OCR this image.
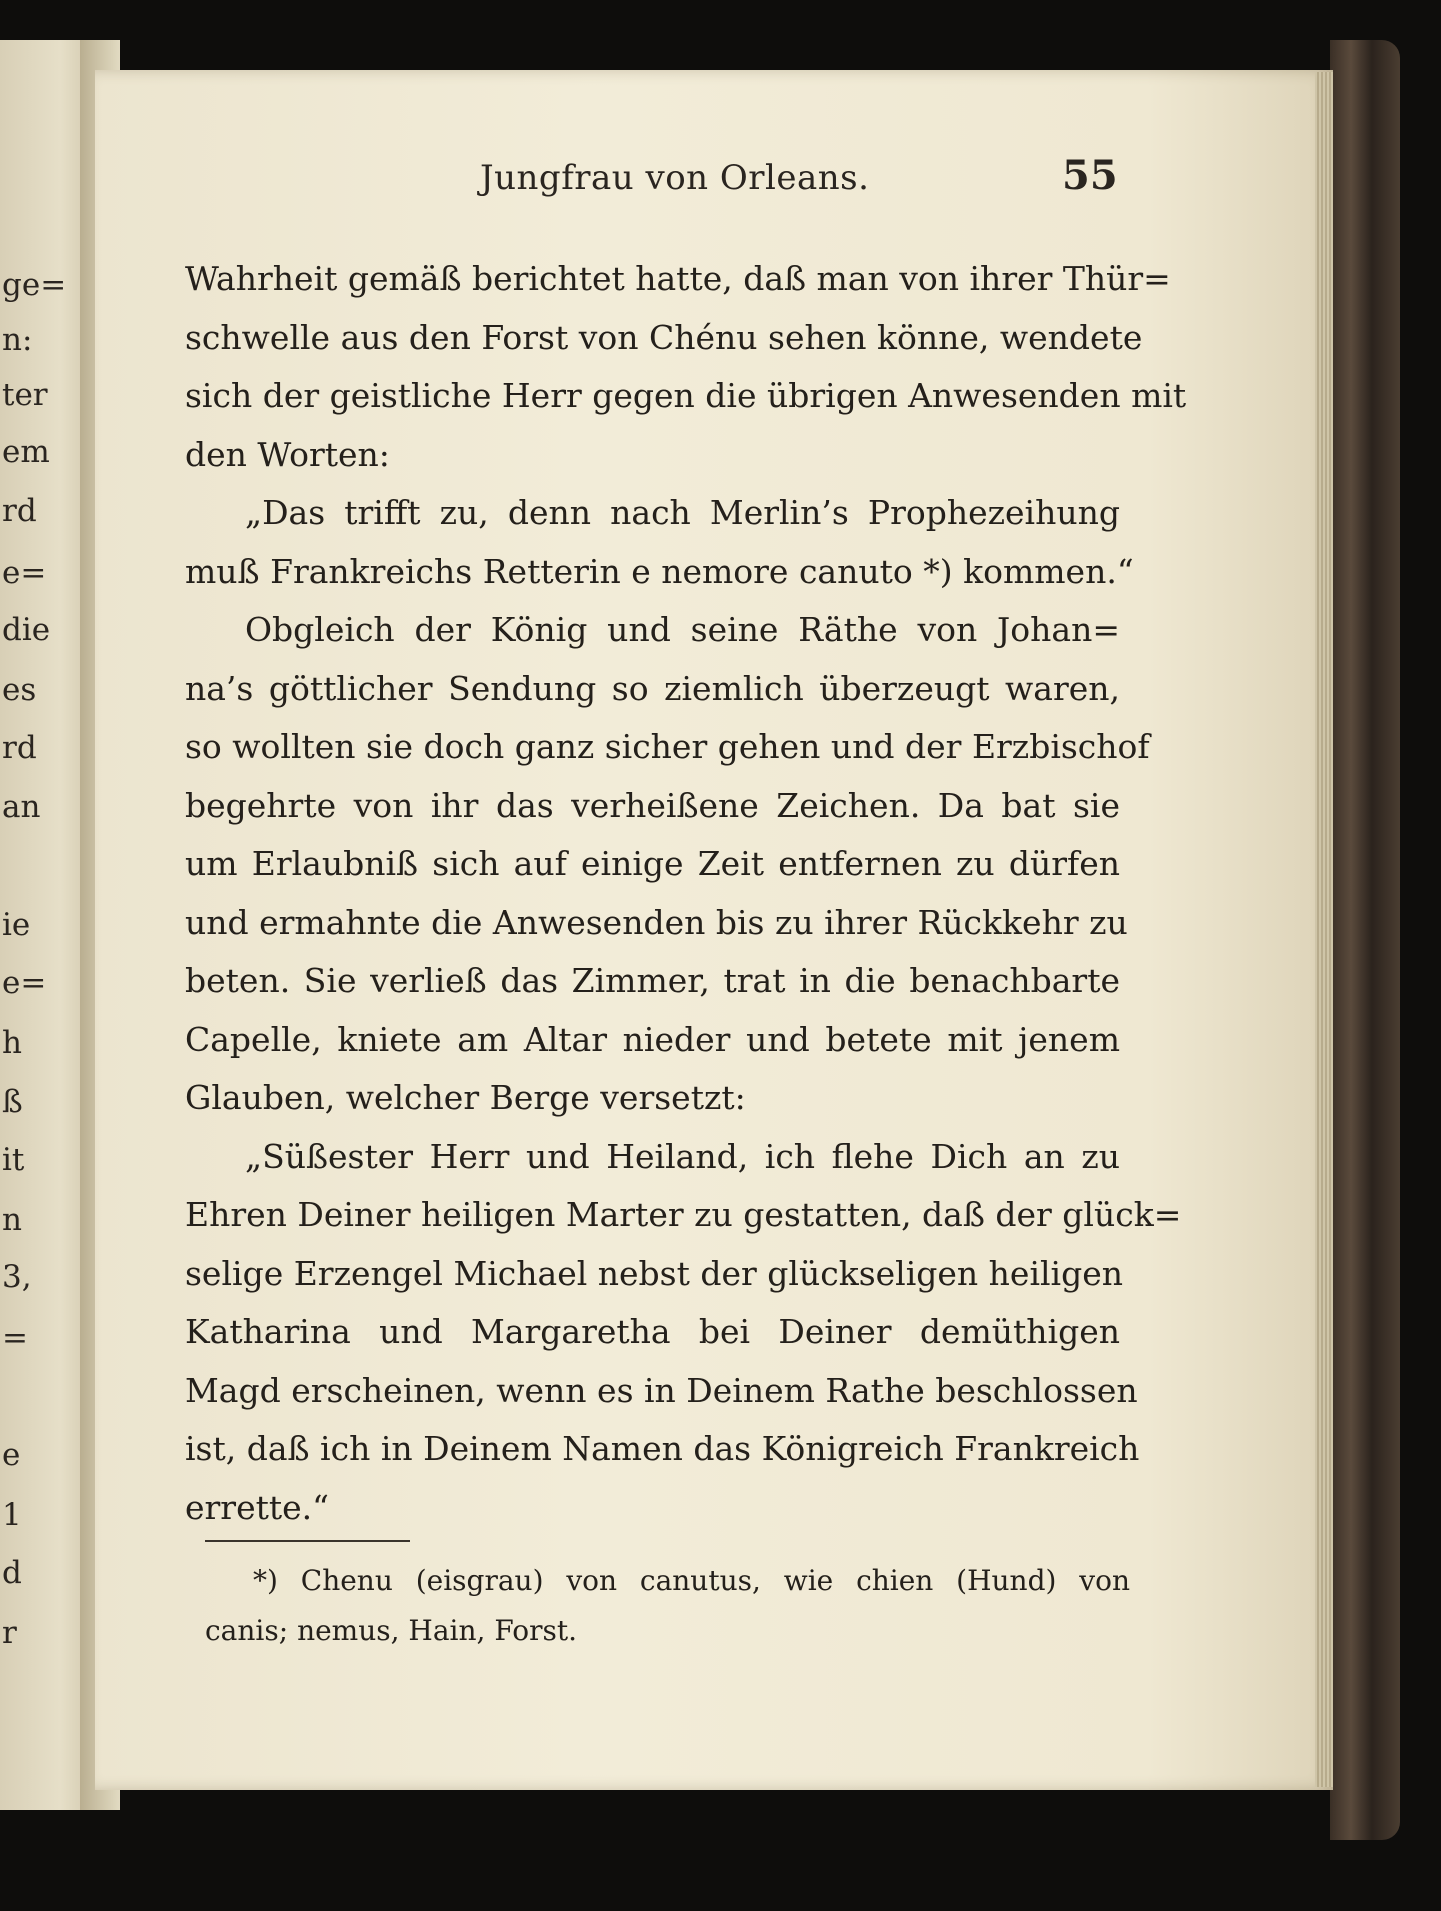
ge=
n:
ter
em
rd
e=
die
es
rd
an
ie
e=
h
ß
it
n
3,
=
e
1
d
r
Jungfrau von Orleans.	55
Wahrheit gemäß berichtet hatte, daß man von ihrer Thür=
schwelle aus den Forst von Chénu sehen könne, wendete
sich der geistliche Herr gegen die übrigen Anwesenden mit
den Worten:
„Das trifft zu, denn nach Merlin’s Prophezeihung
muß Frankreichs Retterin e nemore canuto *) kommen.“
Obgleich der König und seine Räthe von Johan=
na’s göttlicher Sendung so ziemlich überzeugt waren,
so wollten sie doch ganz sicher gehen und der Erzbischof
begehrte von ihr das verheißene Zeichen. Da bat sie
um Erlaubniß sich auf einige Zeit entfernen zu dürfen
und ermahnte die Anwesenden bis zu ihrer Rückkehr zu
beten. Sie verließ das Zimmer, trat in die benachbarte
Capelle, kniete am Altar nieder und betete mit jenem
Glauben, welcher Berge versetzt:
„Süßester Herr und Heiland, ich flehe Dich an zu
Ehren Deiner heiligen Marter zu gestatten, daß der glück=
selige Erzengel Michael nebst der glückseligen heiligen
Katharina und Margaretha bei Deiner demüthigen
Magd erscheinen, wenn es in Deinem Rathe beschlossen
ist, daß ich in Deinem Namen das Königreich Frankreich
errette.“
*) Chenu (eisgrau) von canutus, wie chien (Hund) von
canis; nemus, Hain, Forst.
